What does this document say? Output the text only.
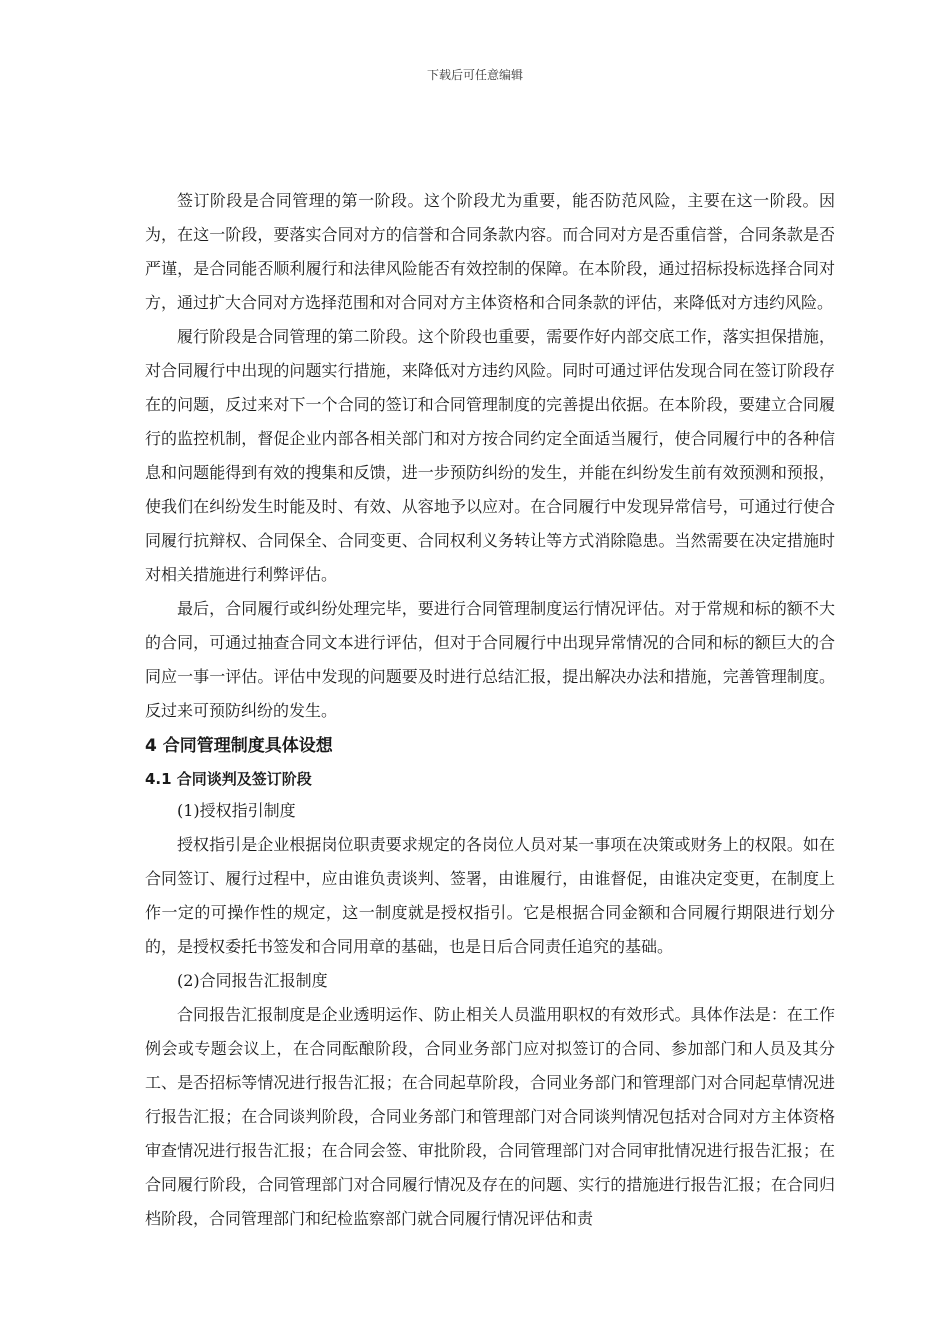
下载后可任意编辑

签订阶段是合同管理的第一阶段。这个阶段尤为重要，能否防范风险，主要在这一阶段。因为，在这一阶段，要落实合同对方的信誉和合同条款内容。而合同对方是否重信誉，合同条款是否严谨，是合同能否顺利履行和法律风险能否有效控制的保障。在本阶段，通过招标投标选择合同对方，通过扩大合同对方选择范围和对合同对方主体资格和合同条款的评估，来降低对方违约风险。

履行阶段是合同管理的第二阶段。这个阶段也重要，需要作好内部交底工作，落实担保措施，对合同履行中出现的问题实行措施，来降低对方违约风险。同时可通过评估发现合同在签订阶段存在的问题，反过来对下一个合同的签订和合同管理制度的完善提出依据。在本阶段，要建立合同履行的监控机制，督促企业内部各相关部门和对方按合同约定全面适当履行，使合同履行中的各种信息和问题能得到有效的搜集和反馈，进一步预防纠纷的发生，并能在纠纷发生前有效预测和预报，使我们在纠纷发生时能及时、有效、从容地予以应对。在合同履行中发现异常信号，可通过行使合同履行抗辩权、合同保全、合同变更、合同权利义务转让等方式消除隐患。当然需要在决定措施时对相关措施进行利弊评估。

最后，合同履行或纠纷处理完毕，要进行合同管理制度运行情况评估。对于常规和标的额不大的合同，可通过抽查合同文本进行评估，但对于合同履行中出现异常情况的合同和标的额巨大的合同应一事一评估。评估中发现的问题要及时进行总结汇报，提出解决办法和措施，完善管理制度。反过来可预防纠纷的发生。

4 合同管理制度具体设想

4.1 合同谈判及签订阶段

(1)授权指引制度

授权指引是企业根据岗位职责要求规定的各岗位人员对某一事项在决策或财务上的权限。如在合同签订、履行过程中，应由谁负责谈判、签署，由谁履行，由谁督促，由谁决定变更，在制度上作一定的可操作性的规定，这一制度就是授权指引。它是根据合同金额和合同履行期限进行划分的，是授权委托书签发和合同用章的基础，也是日后合同责任追究的基础。

(2)合同报告汇报制度

合同报告汇报制度是企业透明运作、防止相关人员滥用职权的有效形式。具体作法是：在工作例会或专题会议上，在合同酝酿阶段，合同业务部门应对拟签订的合同、参加部门和人员及其分工、是否招标等情况进行报告汇报；在合同起草阶段，合同业务部门和管理部门对合同起草情况进行报告汇报；在合同谈判阶段，合同业务部门和管理部门对合同谈判情况包括对合同对方主体资格审查情况进行报告汇报；在合同会签、审批阶段，合同管理部门对合同审批情况进行报告汇报；在合同履行阶段，合同管理部门对合同履行情况及存在的问题、实行的措施进行报告汇报；在合同归档阶段，合同管理部门和纪检监察部门就合同履行情况评估和责
